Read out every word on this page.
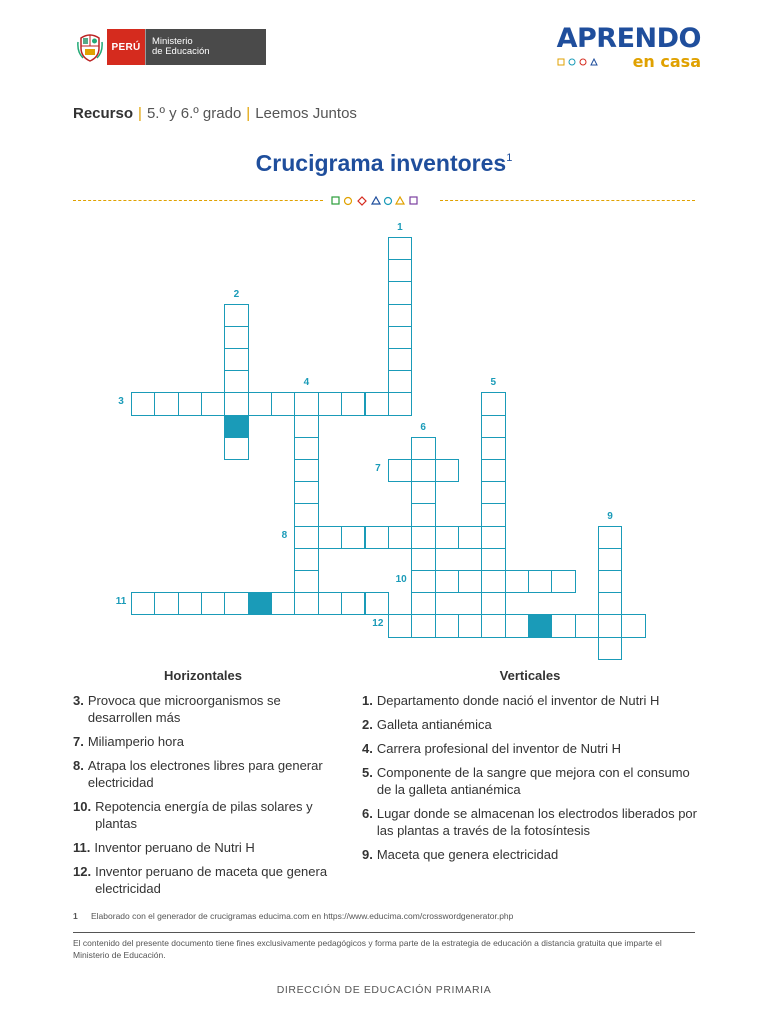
PERÚ	Ministerio
de Educación	APRENDO
en casa
Recurso | 5.º y 6.º grado | Leemos Juntos
Crucigrama inventores$^1$
1
2
3
4	5
6
7
8
9
10
11
12
Horizontales
3. Provoca que microorganismos se desarrollen más
7. Miliamperio hora
8. Atrapa los electrones libres para generar electricidad
10. Repotencia energía de pilas solares y plantas
11. Inventor peruano de Nutri H
12. Inventor peruano de maceta que genera electricidad
Verticales
1. Departamento donde nació el inventor de Nutri H
2. Galleta antianémica
4. Carrera profesional del inventor de Nutri H
5. Componente de la sangre que mejora con el consumo de la galleta antianémica
6. Lugar donde se almacenan los electrodos liberados por las plantas a través de la fotosíntesis
9. Maceta que genera electricidad
1 Elaborado con el generador de crucigramas educima.com en https://www.educima.com/crosswordgenerator.php
El contenido del presente documento tiene fines exclusivamente pedagógicos y forma parte de la estrategia de educación a distancia gratuita que imparte el Ministerio de Educación.
DIRECCIÓN DE EDUCACIÓN PRIMARIA
